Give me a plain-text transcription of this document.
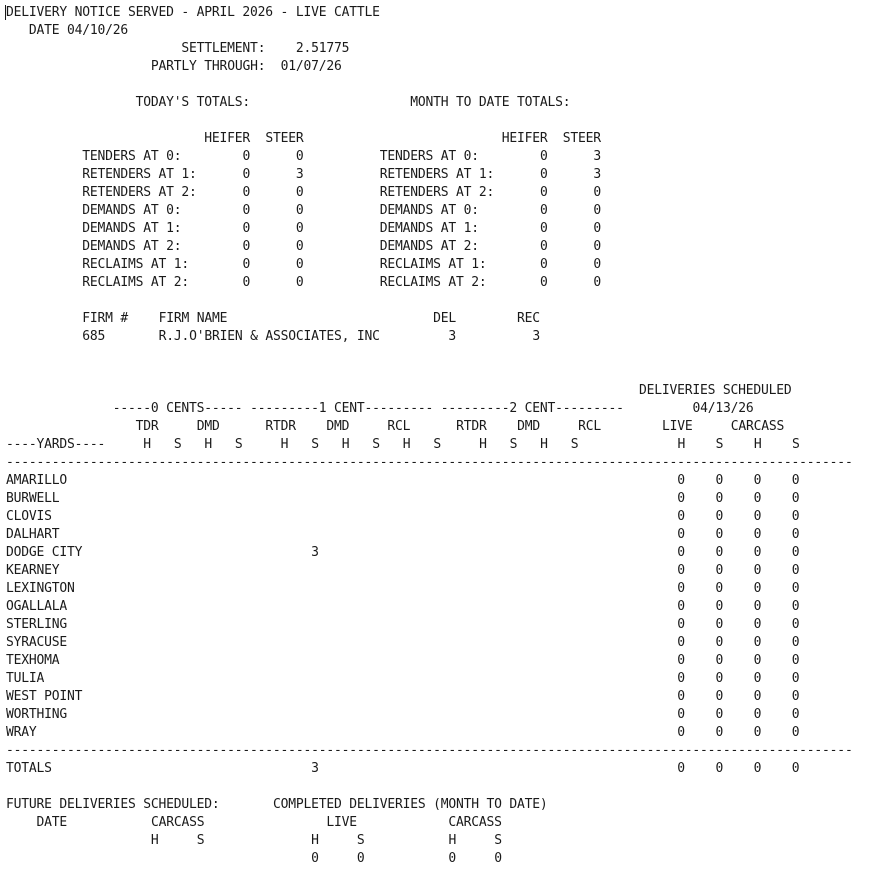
DELIVERY NOTICE SERVED - APRIL 2026 - LIVE CATTLE
DATE 04/10/26
SETTLEMENT: 2.51775
PARTLY THROUGH: 01/07/26
TODAY'S TOTALS:	MONTH TO DATE TOTALS:
HEIFER STEER	HEIFER STEER
TENDERS AT 0:	0	0	TENDERS AT 0:	0	3
RETENDERS AT 1:	0	3	RETENDERS AT 1:	0	3
RETENDERS AT 2:	0	0	RETENDERS AT 2:	0	0
DEMANDS AT 0:	0	0	DEMANDS AT 0:	0	0
DEMANDS AT 1:	0	0	DEMANDS AT 1:	0	0
DEMANDS AT 2:	0	0	DEMANDS AT 2:	0	0
RECLAIMS AT 1:	0	0	RECLAIMS AT 1:	0	0
RECLAIMS AT 2:	0	0	RECLAIMS AT 2:	0	0
FIRM # FIRM NAME	DEL	REC
685	R.J.O'BRIEN & ASSOCIATES, INC	3	3
DELIVERIES SCHEDULED
-----0 CENTS----- ---------1 CENT--------- ---------2 CENT---------	04/13/26
TDR	DMD	RTDR DMD	RCL	RTDR DMD	RCL	LIVE	CARCASS
----YARDS----	H S H S	H S H S H S	H S H S	H S H S
---------------------------------------------------------------------------------------------------------------
AMARILLO	0 0 0 0
BURWELL	0 0 0 0
CLOVIS	0 0 0 0
DALHART	0 0 0 0
DODGE CITY	3	0 0 0 0
KEARNEY	0 0 0 0
LEXINGTON	0 0 0 0
OGALLALA	0 0 0 0
STERLING	0 0 0 0
SYRACUSE	0 0 0 0
TEXHOMA	0 0 0 0
TULIA	0 0 0 0
WEST POINT	0 0 0 0
WORTHING	0 0 0 0
WRAY	0 0 0 0
---------------------------------------------------------------------------------------------------------------
TOTALS	3	0 0 0 0
FUTURE DELIVERIES SCHEDULED:	COMPLETED DELIVERIES (MONTH TO DATE)
DATE	CARCASS	LIVE	CARCASS
H	S	H	S	H	S
0	0	0	0
